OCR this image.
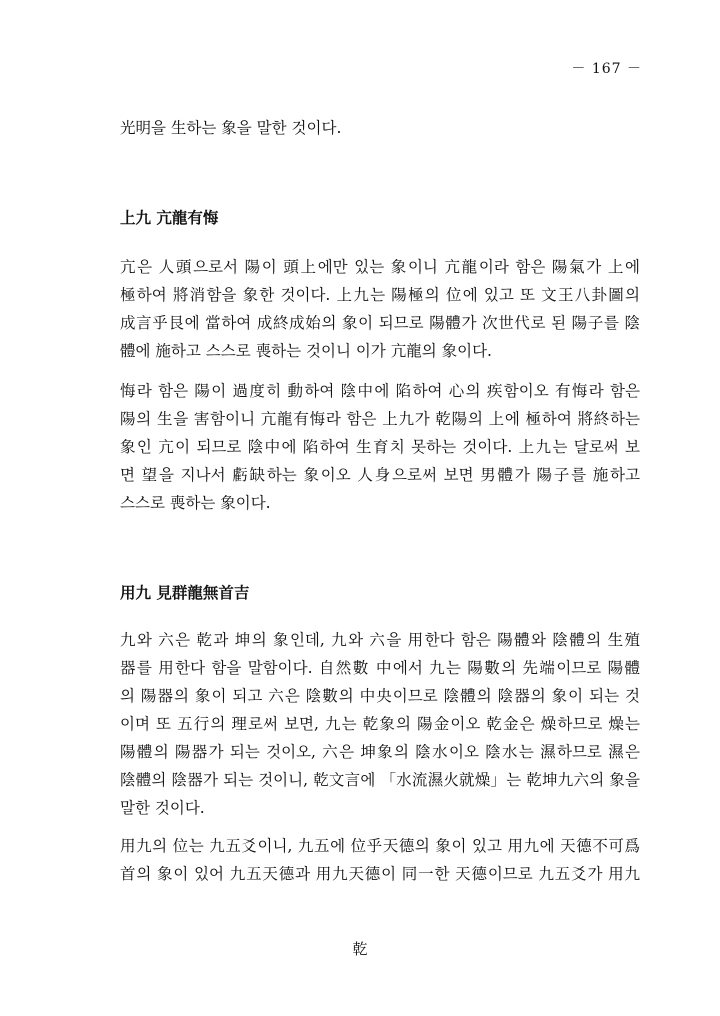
－ 167 －
光明을 生하는 象을 말한 것이다.
上九 亢龍有悔
亢은 人頭으로서 陽이 頭上에만 있는 象이니 亢龍이라 함은 陽氣가 上에
極하여 將消함을 象한 것이다. 上九는 陽極의 位에 있고 또 文王八卦圖의
成言乎艮에 當하여 成終成始의 象이 되므로 陽體가 次世代로 된 陽子를 陰
體에 施하고 스스로 喪하는 것이니 이가 亢龍의 象이다.
悔라 함은 陽이 過度히 動하여 陰中에 陷하여 心의 疾함이오 有悔라 함은
陽의 生을 害함이니 亢龍有悔라 함은 上九가 乾陽의 上에 極하여 將終하는
象인 亢이 되므로 陰中에 陷하여 生育치 못하는 것이다. 上九는 달로써 보
면 望을 지나서 虧缺하는 象이오 人身으로써 보면 男體가 陽子를 施하고
스스로 喪하는 象이다.
用九 見群龍無首吉
九와 六은 乾과 坤의 象인데, 九와 六을 用한다 함은 陽體와 陰體의 生殖
器를 用한다 함을 말함이다. 自然數 中에서 九는 陽數의 先端이므로 陽體
의 陽器의 象이 되고 六은 陰數의 中央이므로 陰體의 陰器의 象이 되는 것
이며 또 五行의 理로써 보면, 九는 乾象의 陽金이오 乾金은 燥하므로 燥는
陽體의 陽器가 되는 것이오, 六은 坤象의 陰水이오 陰水는 濕하므로 濕은
陰體의 陰器가 되는 것이니, 乾文言에 「水流濕火就燥」는 乾坤九六의 象을
말한 것이다.
用九의 位는 九五爻이니, 九五에 位乎天德의 象이 있고 用九에 天德不可爲
首의 象이 있어 九五天德과 用九天德이 同一한 天德이므로 九五爻가 用九
乾
